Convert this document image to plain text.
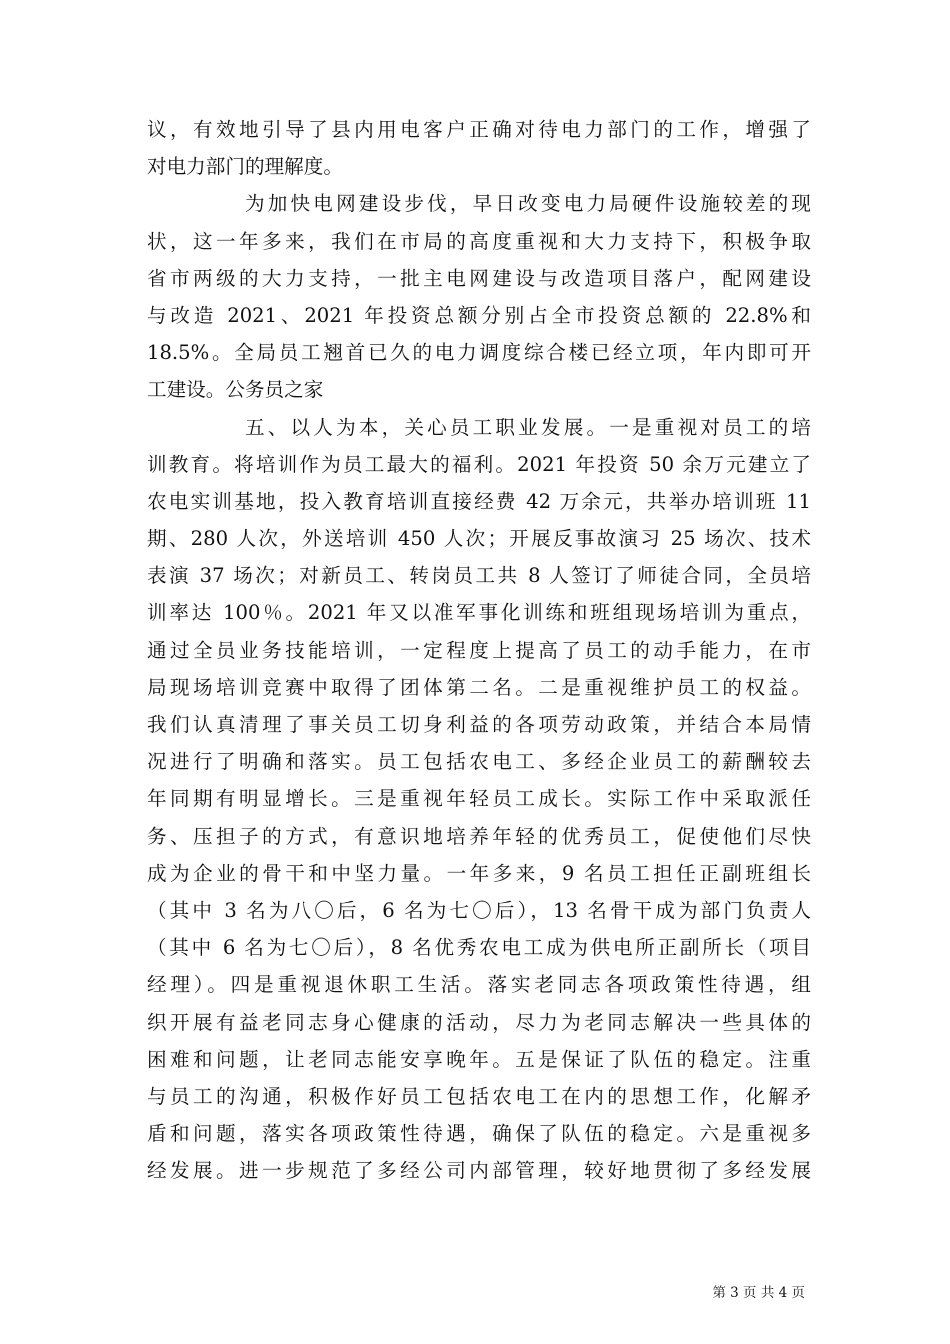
议，有效地引导了县内用电客户正确对待电力部门的工作，增强了
对电力部门的理解度。
为加快电网建设步伐，早日改变电力局硬件设施较差的现
状，这一年多来，我们在市局的高度重视和大力支持下，积极争取
省市两级的大力支持，一批主电网建设与改造项目落户，配网建设
与改造 2021、2021 年投资总额分别占全市投资总额的 22.8%和
18.5%。全局员工翘首已久的电力调度综合楼已经立项，年内即可开
工建设。公务员之家
五、以人为本，关心员工职业发展。一是重视对员工的培
训教育。将培训作为员工最大的福利。2021 年投资 50 余万元建立了
农电实训基地，投入教育培训直接经费 42 万余元，共举办培训班 11
期、280 人次，外送培训 450 人次；开展反事故演习 25 场次、技术
表演 37 场次；对新员工、转岗员工共 8 人签订了师徒合同，全员培
训率达 100％。2021 年又以准军事化训练和班组现场培训为重点，
通过全员业务技能培训，一定程度上提高了员工的动手能力，在市
局现场培训竞赛中取得了团体第二名。二是重视维护员工的权益。
我们认真清理了事关员工切身利益的各项劳动政策，并结合本局情
况进行了明确和落实。员工包括农电工、多经企业员工的薪酬较去
年同期有明显增长。三是重视年轻员工成长。实际工作中采取派任
务、压担子的方式，有意识地培养年轻的优秀员工，促使他们尽快
成为企业的骨干和中坚力量。一年多来，9 名员工担任正副班组长
（其中 3 名为八〇后，6 名为七〇后），13 名骨干成为部门负责人
（其中 6 名为七〇后），8 名优秀农电工成为供电所正副所长（项目
经理）。四是重视退休职工生活。落实老同志各项政策性待遇，组
织开展有益老同志身心健康的活动，尽力为老同志解决一些具体的
困难和问题，让老同志能安享晚年。五是保证了队伍的稳定。注重
与员工的沟通，积极作好员工包括农电工在内的思想工作，化解矛
盾和问题，落实各项政策性待遇，确保了队伍的稳定。六是重视多
经发展。进一步规范了多经公司内部管理，较好地贯彻了多经发展
第 3 页 共 4 页
